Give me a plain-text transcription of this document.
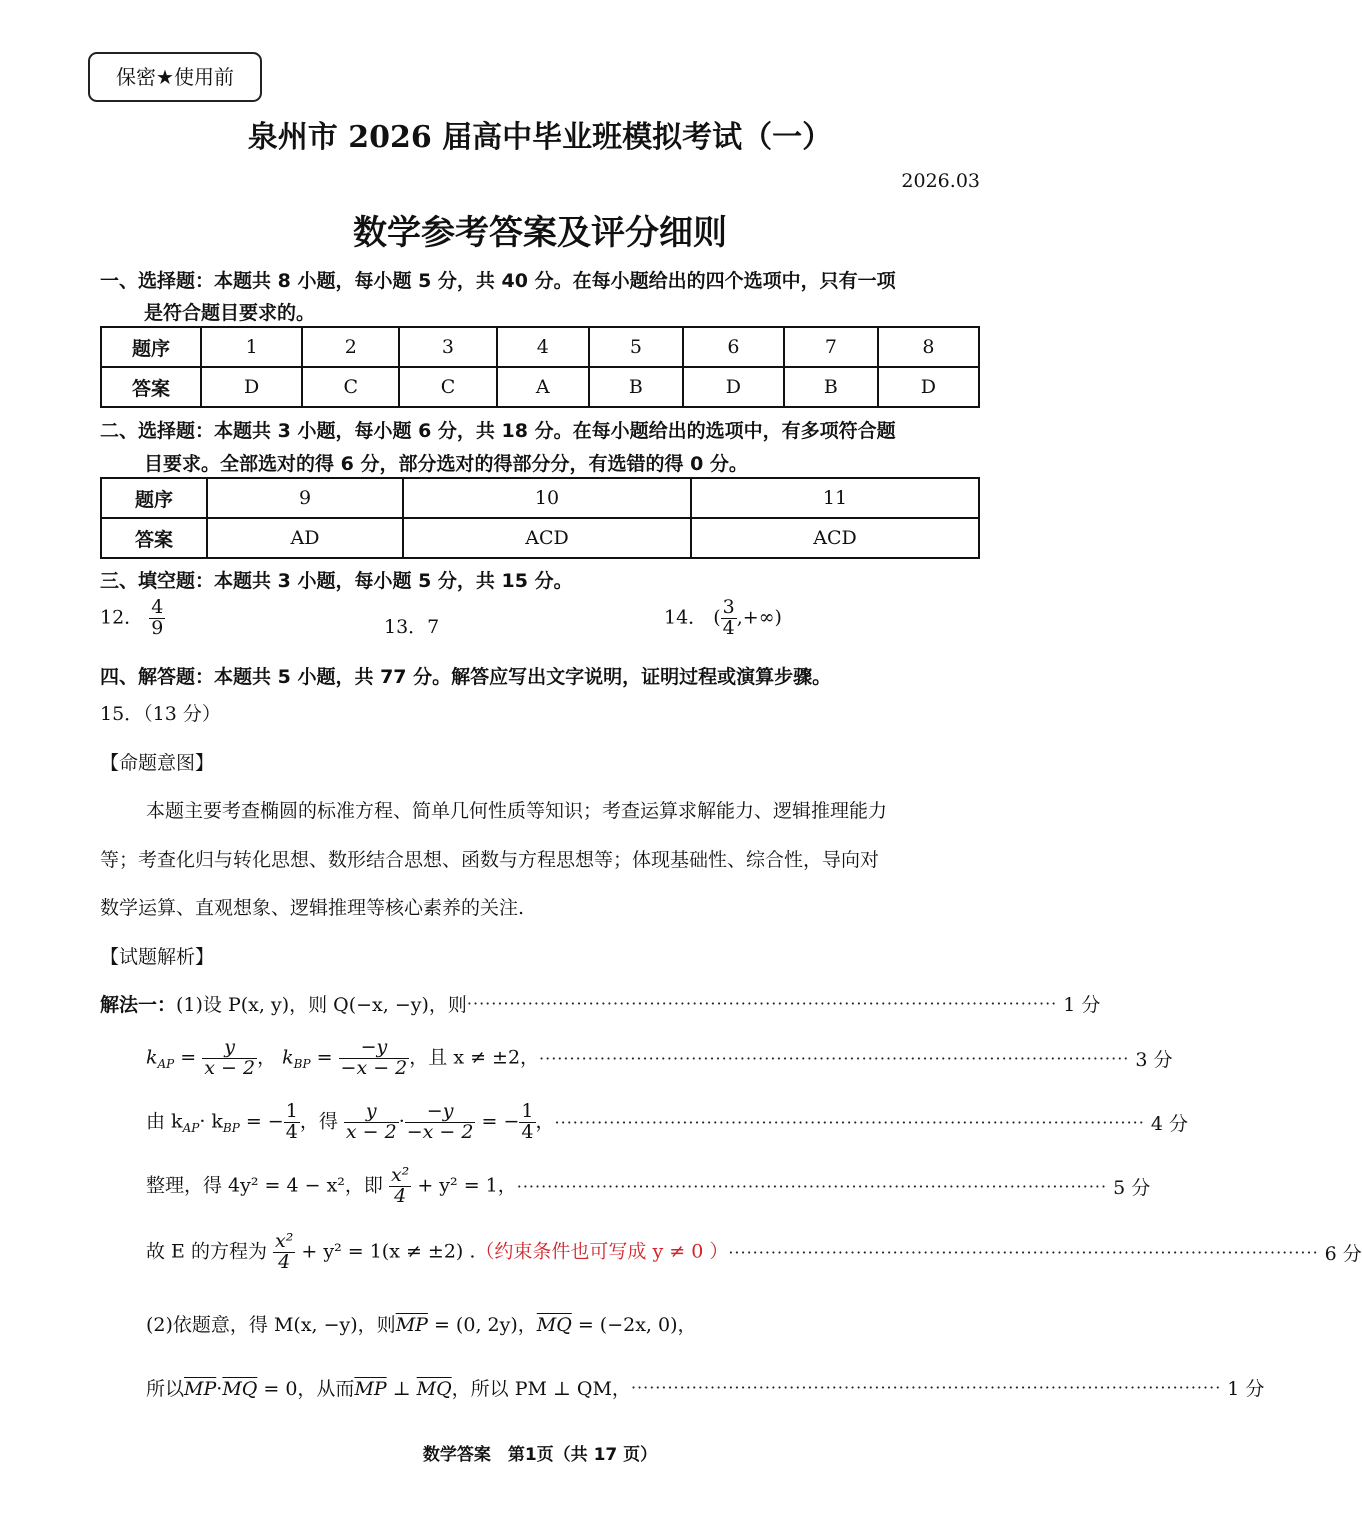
保密★使用前
泉州市 2026 届高中毕业班模拟考试（一）
2026.03
数学参考答案及评分细则
一、选择题：本题共 8 小题，每小题 5 分，共 40 分。在每小题给出的四个选项中，只有一项
是符合题目要求的。
题序	1	2	3	4	5	6	7	8
答案	D	C	C	A	B	D	B	D
二、选择题：本题共 3 小题，每小题 6 分，共 18 分。在每小题给出的选项中，有多项符合题
目要求。全部选对的得 6 分，部分选对的得部分分，有选错的得 0 分。
题序	9	10	11
答案	AD	ACD	ACD
三、填空题：本题共 3 小题，每小题 5 分，共 15 分。
12． $\frac{4}{9}$	13．7	14． ( $\frac{3}{4}$ ,+∞)
四、解答题：本题共 5 小题，共 77 分。解答应写出文字说明，证明过程或演算步骤。
15．（13 分）
【命题意图】
本题主要考查椭圆的标准方程、简单几何性质等知识；考查运算求解能力、逻辑推理能力
等；考查化归与转化思想、数形结合思想、函数与方程思想等；体现基础性、综合性，导向对
数学运算、直观想象、逻辑推理等核心素养的关注.
【试题解析】
解法一：(1)设 P(x, y)，则 Q(−x, −y)，则 ································································································· 1 分
$k_{AP} = \frac{y}{x - 2}$ ， $k_{BP} = \frac{-y}{-x - 2}$ ，且 x ≠ ±2， ································································································· 3 分
由 $k_{AP}\cdot k_{BP}$ = − $\frac{1}{4}$ ，得 $\frac{y}{x - 2} \cdot \frac{-y}{-x - 2}$ = − $\frac{1}{4}$ ， ································································································· 4 分
整理，得 4y² = 4 − x²，即 $\frac{\text{x²}}{4} + y^2 = 1$， ································································································· 5 分
故 E 的方程为 $\frac{\text{x²}}{4} + y^2 = 1(x \ne \pm 2)$ .（约束条件也可写成 y ≠ 0 ） ································································································· 6 分
(2)依题意，得 M(x, −y)，则$\overline{MP} = (0$, 2y)，$\overline{MQ} = (-2x$, 0)，
所以$\overline{MP}\cdot\overline{MQ} = 0$，从而$\overline{MP}$ ⊥ $\overline{MQ}$，所以 PM ⊥ QM， ································································································· 1 分
数学答案　第1页（共 17 页）
